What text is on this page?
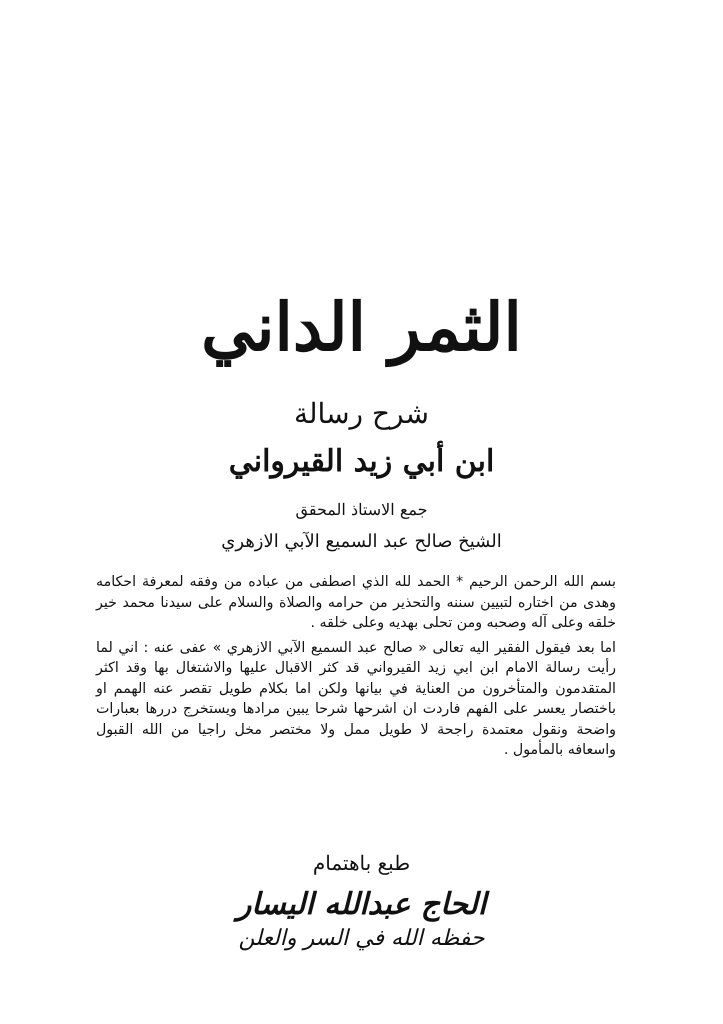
الثمر الداني
شرح رسالة
ابن أبي زيد القيرواني
جمع الاستاذ المحقق
الشيخ صالح عبد السميع الآبي الازهري

بسم الله الرحمن الرحيم * الحمد لله الذي اصطفى من عباده من وفقه لمعرفة احكامه وهدى من اختاره لتبيين سننه والتحذير من حرامه والصلاة والسلام على سيدنا محمد خير خلقه وعلى آله وصحبه ومن تحلى بهديه وعلى خلقه .

اما بعد فيقول الفقير اليه تعالى « صالح عبد السميع الآبي الازهري » عفى عنه : اني لما رأيت رسالة الامام ابن ابي زيد القيرواني قد كثر الاقبال عليها والاشتغال بها وقد اكثر المتقدمون والمتأخرون من العناية في بيانها ولكن اما بكلام طويل تقصر عنه الهمم او باختصار يعسر على الفهم فاردت ان اشرحها شرحا يبين مرادها ويستخرج دررها بعبارات واضحة ونقول معتمدة راجحة لا طويل ممل ولا مختصر مخل راجيا من الله القبول واسعافه بالمأمول .

طبع باهتمام
الحاج عبدالله اليسار
حفظه الله في السر والعلن
